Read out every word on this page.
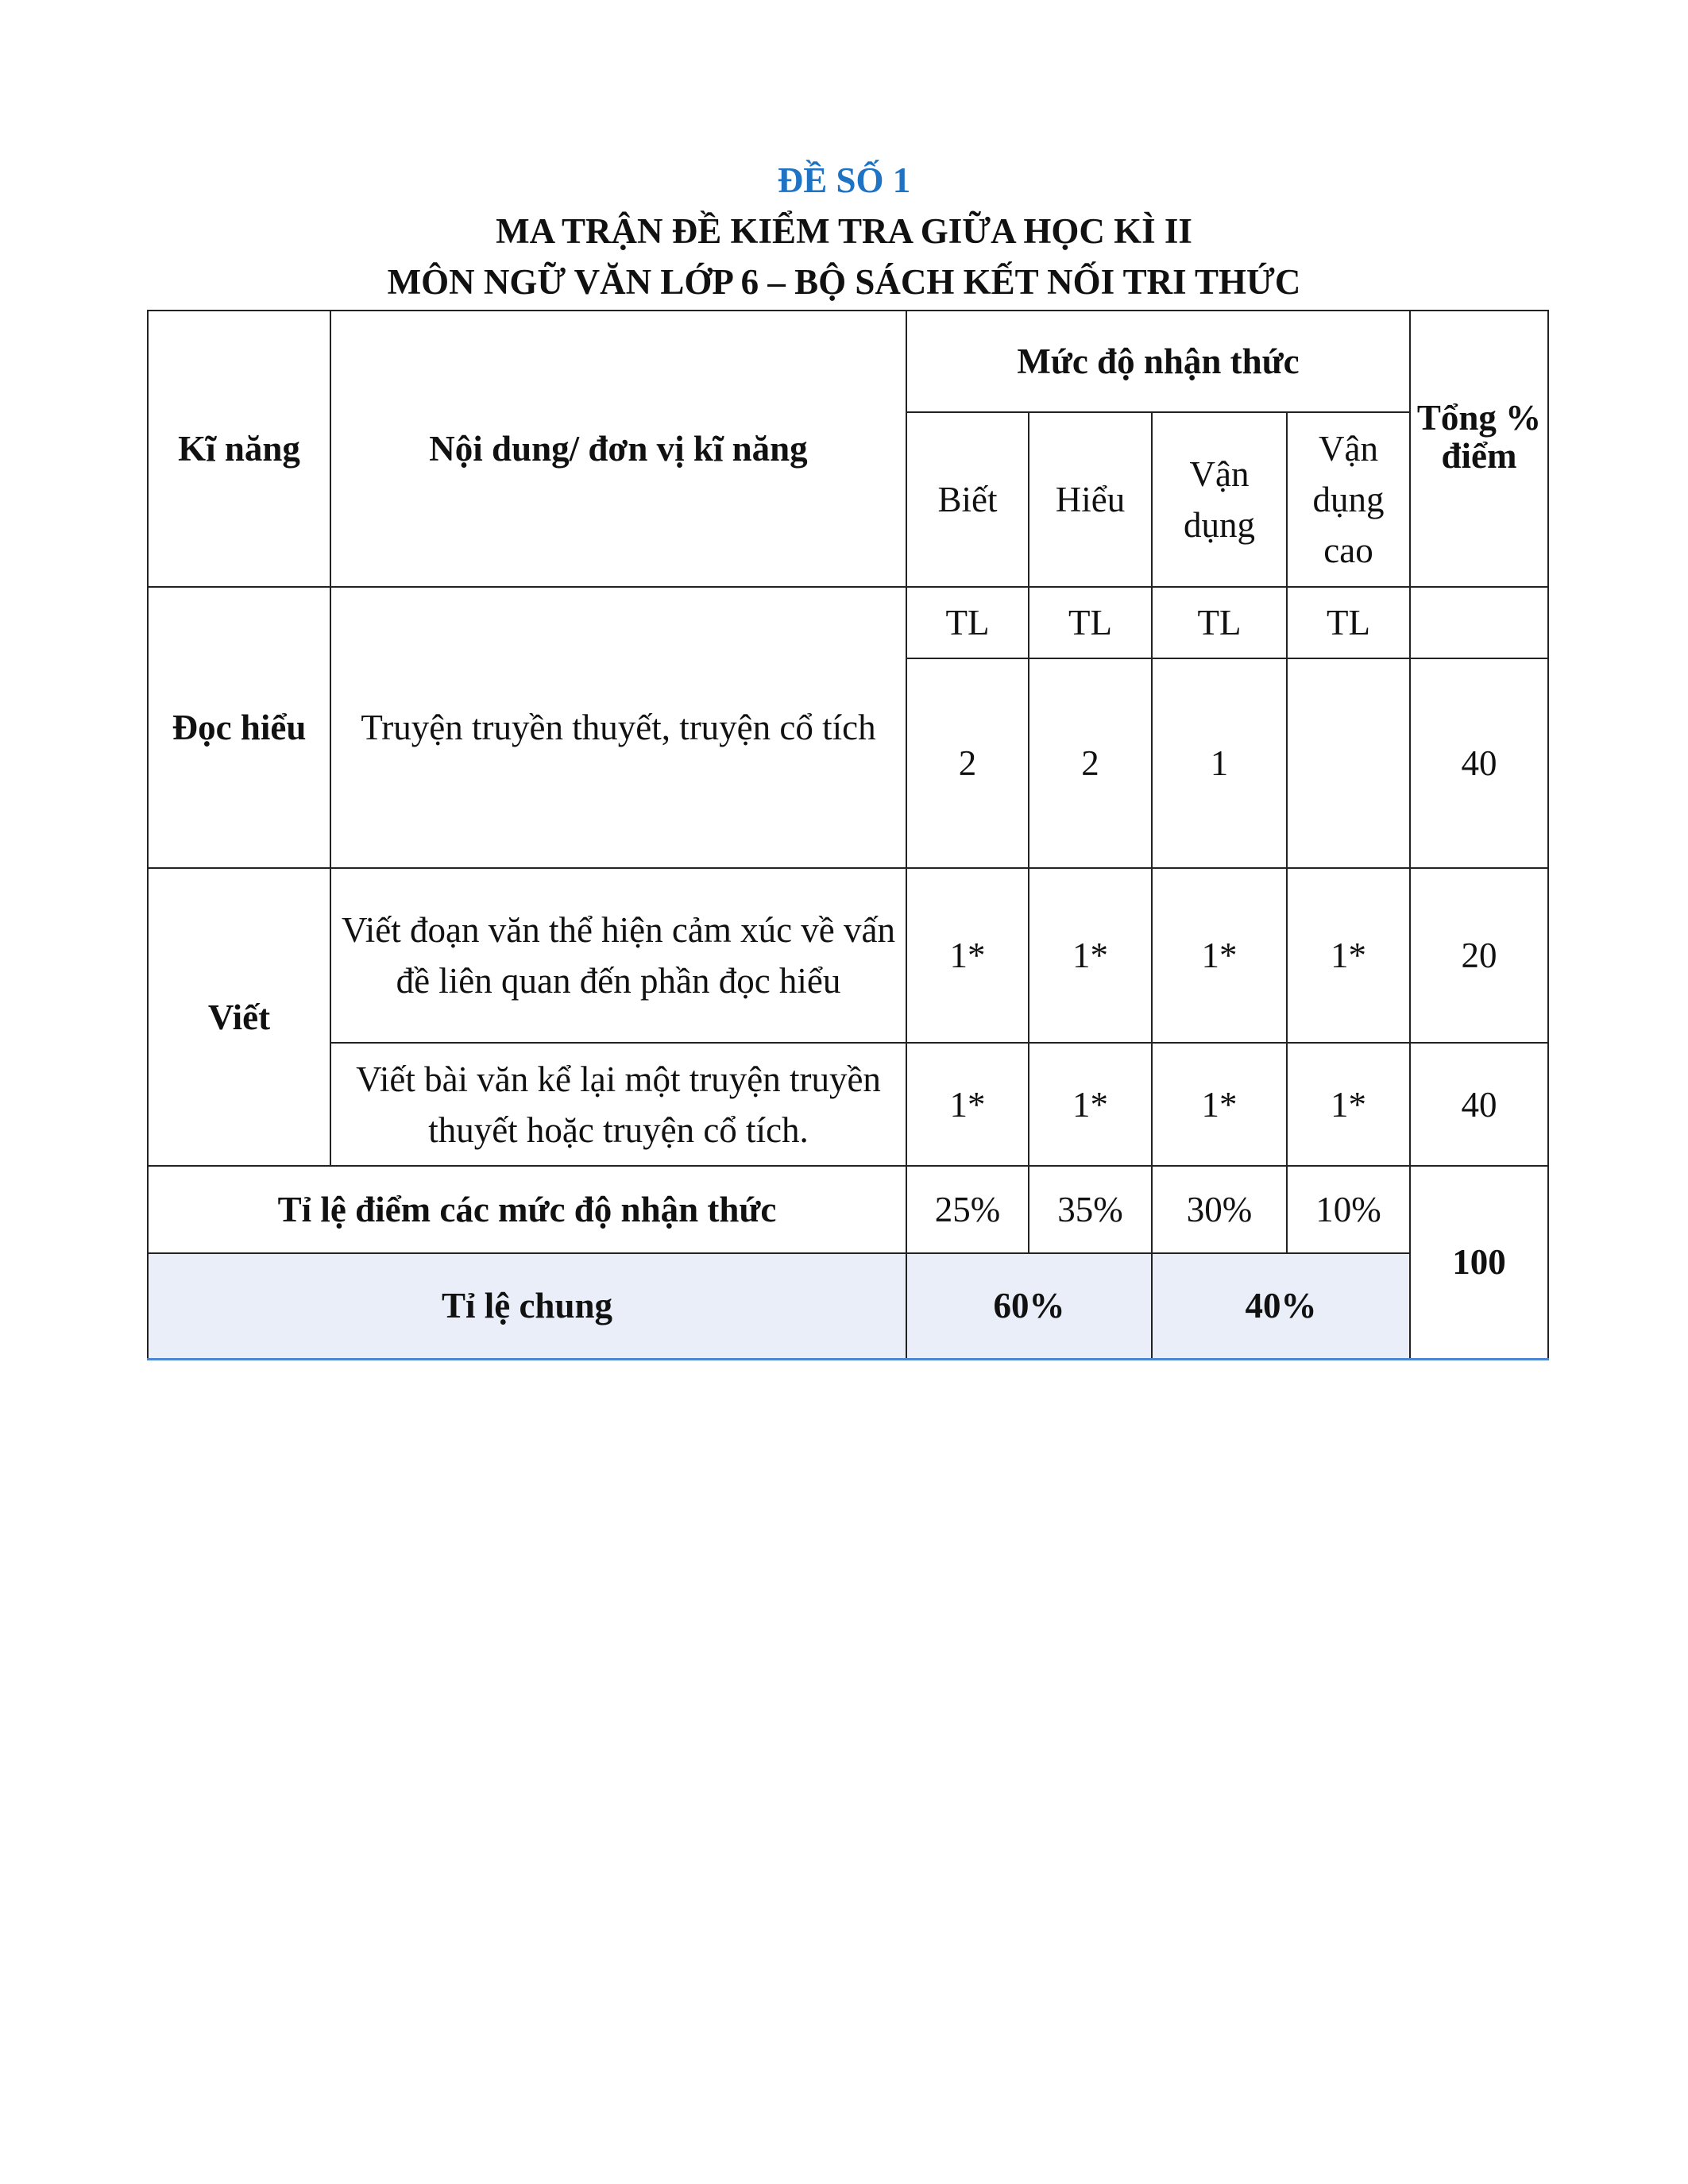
ĐỀ SỐ 1
MA TRẬN ĐỀ KIỂM TRA GIỮA HỌC KÌ II
MÔN NGỮ VĂN LỚP 6 – BỘ SÁCH KẾT NỐI TRI THỨC
Kĩ năng	Nội dung/ đơn vị kĩ năng	Mức độ nhận thức				Tổng % điểm
		Biết	Hiểu	Vận dụng	Vận dụng cao	
Đọc hiểu	Truyện truyền thuyết, truyện cổ tích	TL	TL	TL	TL	
		2	2	1		40
Viết	Viết đoạn văn thể hiện cảm xúc về vấn đề liên quan đến phần đọc hiểu	1*	1*	1*	1*	20
	Viết bài văn kể lại một truyện truyền thuyết hoặc truyện cổ tích.	1*	1*	1*	1*	40
Tỉ lệ điểm các mức độ nhận thức		25%	35%	30%	10%	100
Tỉ lệ chung		60%		40%		
